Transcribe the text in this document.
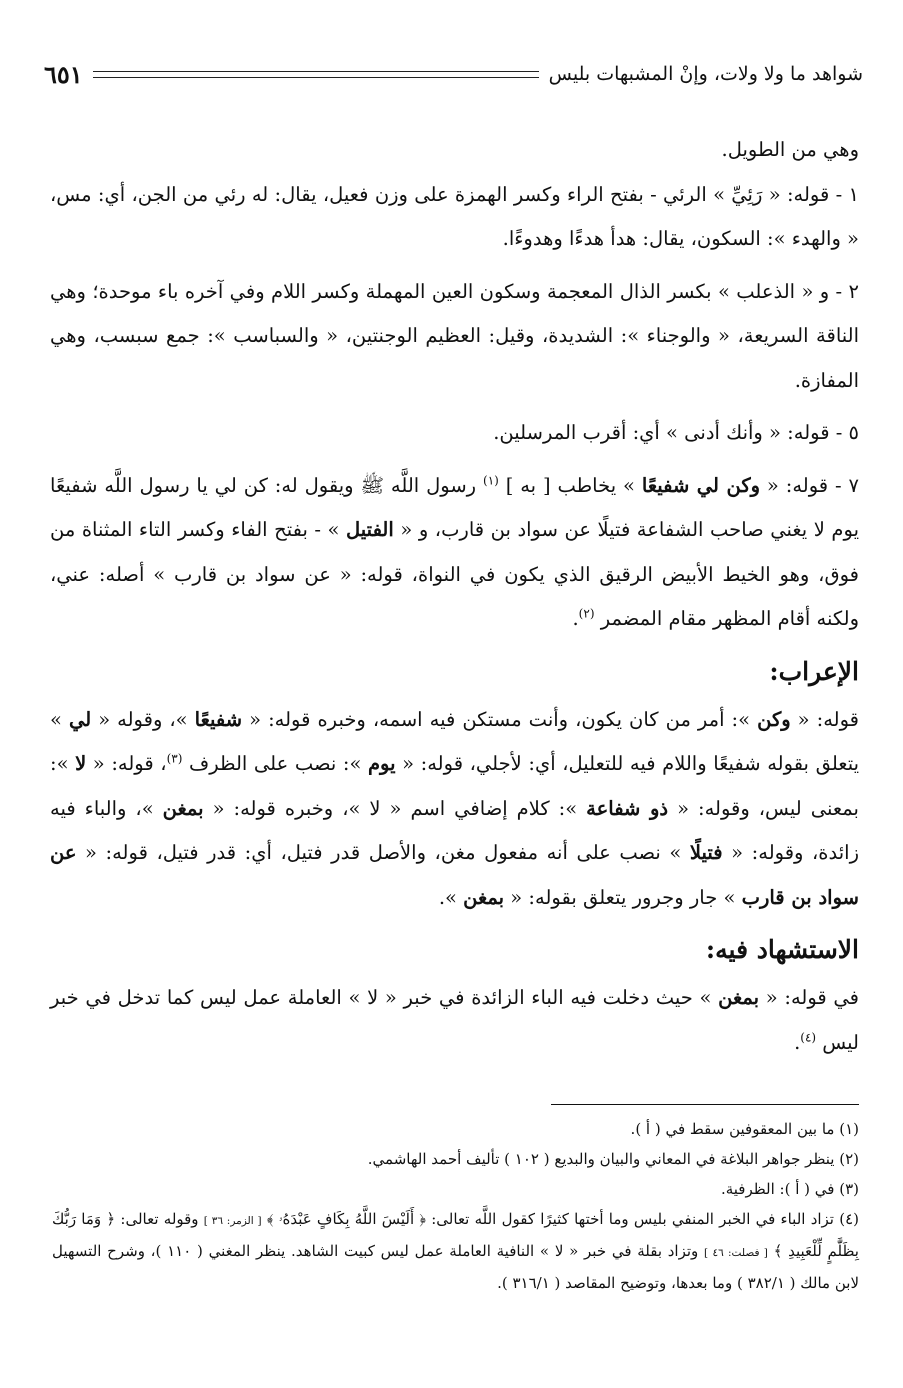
شواهد ما ولا ولات، وإنْ المشبهات بليس
٦٥١

وهي من الطويل.

١ - قوله: « رَئِيِّ » الرئي - بفتح الراء وكسر الهمزة على وزن فعيل، يقال: له رئي من الجن، أي: مس، « والهدء »: السكون، يقال: هدأ هدءًا وهدوءًا.

٢ - و « الذعلب » بكسر الذال المعجمة وسكون العين المهملة وكسر اللام وفي آخره باء موحدة؛ وهي الناقة السريعة، « والوجناء »: الشديدة، وقيل: العظيم الوجنتين، « والسباسب »: جمع سبسب، وهي المفازة.

٥ - قوله: « وأنك أدنى » أي: أقرب المرسلين.

٧ - قوله: « وكن لي شفيعًا » يخاطب [ به ] $^{(١)}$ رسول اللَّه ﷺ ويقول له: كن لي يا رسول اللَّه شفيعًا يوم لا يغني صاحب الشفاعة فتيلًا عن سواد بن قارب، و « الفتيل » - بفتح الفاء وكسر التاء المثناة من فوق، وهو الخيط الأبيض الرقيق الذي يكون في النواة، قوله: « عن سواد بن قارب » أصله: عني، ولكنه أقام المظهر مقام المضمر $^{(٢)}$.

الإعراب:

قوله: « وكن »: أمر من كان يكون، وأنت مستكن فيه اسمه، وخبره قوله: « شفيعًا »، وقوله « لي » يتعلق بقوله شفيعًا واللام فيه للتعليل، أي: لأجلي، قوله: « يوم »: نصب على الظرف $^{(٣)}$، قوله: « لا »: بمعنى ليس، وقوله: « ذو شفاعة »: كلام إضافي اسم « لا »، وخبره قوله: « بمغن »، والباء فيه زائدة، وقوله: « فتيلًا » نصب على أنه مفعول مغن، والأصل قدر فتيل، أي: قدر فتيل، قوله: « عن سواد بن قارب » جار وجرور يتعلق بقوله: « بمغن ».

الاستشهاد فيه:

في قوله: « بمغن » حيث دخلت فيه الباء الزائدة في خبر « لا » العاملة عمل ليس كما تدخل في خبر ليس $^{(٤)}$.

(١) ما بين المعقوفين سقط في ( أ ).

(٢) ينظر جواهر البلاغة في المعاني والبيان والبديع ( ١٠٢ ) تأليف أحمد الهاشمي.

(٣) في ( أ ): الظرفية.

(٤) تزاد الباء في الخبر المنفي بليس وما أختها كثيرًا كقول اللَّه تعالى: ﴿ أَلَيْسَ اللَّهُ بِكَافٍ عَبْدَهُۥ ﴾ [ الزمر: ٣٦ ] وقوله تعالى: ﴿ وَمَا رَبُّكَ بِظَلَّٰمٍ لِّلْعَبِيدِ ﴾ [ فصلت: ٤٦ ] وتزاد بقلة في خبر « لا » النافية العاملة عمل ليس كبيت الشاهد. ينظر المغني ( ١١٠ )، وشرح التسهيل لابن مالك ( ٣٨٢/١ ) وما بعدها، وتوضيح المقاصد ( ٣١٦/١ ).
